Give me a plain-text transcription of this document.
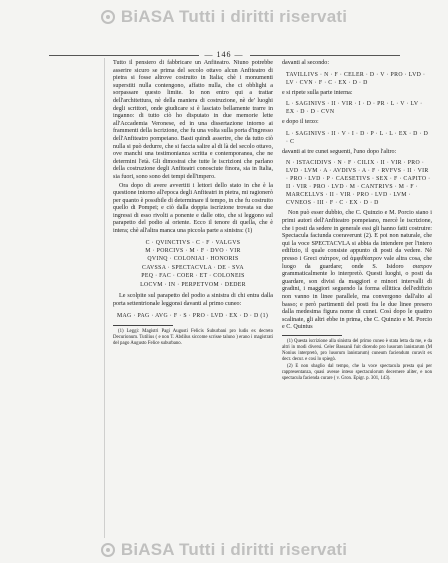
BiASA Tutti i diritti riservati
— 146 —

Tutto il pensiero di fabbricare un Anfiteatro. Niuno potrebbe asserire sicuro se prima del secolo ottavo alcun Anfiteatro di pietra si fosse altrove costruito in Italia; chè i monumenti superstiti nulla contengono, affatto nulla, che ci obblighi a sorpassare questo limite. Io non entro qui a trattar dell'architettura, nè della maniera di costruzione, nè de' luoghi degli scrittori, onde giudicare si è lasciato bellamente trarre in inganno: di tutto ciò ho disputato in due memorie lette all'Accademia Veronese, ed in una dissertazione intorno ai frammenti della iscrizione, che fu una volta sulla porta d'ingresso dell'Anfiteatro pompeiano. Basti quindi asserire, che da tutto ciò nulla si può dedurre, che si faccia salire al di là del secolo ottavo, ove manchi una testimonianza scritta e contemporanea, che ne determini l'età. Gli dimostrai che tutte le iscrizioni che parlano della costruzione degli Anfiteatri conosciute finora, sia in Italia, sia fuori, sono sono dei tempi dell'impero.

Ora dopo di avere avvertiti i lettori dello stato in che è la questione intorno all'epoca degli Anfiteatri in pietra, mi ragionerò per quanto è possibile di determinare il tempo, in che fu costruito quello di Pompei; e ciò dalla doppia iscrizione trovata su due ingressi di esso rivolti a ponente e dalle otto, che si leggono sul parapetto del podio al oriente. Ecco il tenore di quella, che è intera; chè all'altra manca una piccola parte a sinistra: (1)

C · QVINCTIVS · C · F · VALGVS
M · PORCIVS · M · F · DVO · VIR
QVINQ · COLONIAI · HONORIS
CAVSSA · SPECTACVLA · DE · SVA
PEQ · FAC · COER · ET · COLONEIS
LOCVM · IN · PERPETVOM · DEDER

Le scolpite sul parapetto del podio a sinistra di chi entra dalla porta settentrionale leggonsi davanti al primo cuneo:

MAG · PAG · AVG · F · S · PRO · LVD · EX · D · D (1)

(1) Leggi: Magistri Pagi Augusti Felicis Suburbani pro ludis ex decreto Decurionum. Tutilius ( e non T. Abdilus siccome scrisse taluno ) erano i magistrati del pago Augusto Felice suburbano.

davanti al secondo:

TAVILLIVS · N · F · CELER · D · V · PRO · LVD · LV · CVN · F · C · EX · D · D

e si ripete sulla parte interna:

L · SAGINIVS · II · VIR · I · D · PR · L · V · LV · EX · D · D · CVN

e dopo il terzo:

L · SAGINIVS · II · V · I · D · P · L · L · EX · D · D · C

davanti ai tre cunei seguenti, l'uno dopo l'altro:

N · ISTACIDIVS · N · F · CILIX · II · VIR · PRO · LVD · LVM · A · AVDIVS · A · F · RVFVS · II · VIR · PRO · LVD · P · CAESETIVS · SEX · F · CAPITO · II · VIR · PRO · LVD · M · CANTRIVS · M · F · MARCELLVS · II · VIR · PRO · LVD · LVM · CVNEOS · III · F · C · EX · D · D

Non può esser dubbio, che C. Quinzio e M. Porcio siano i primi autori dell'Anfiteatro pompeiano, mercè le iscrizione, che i posti da sedere in generale essi gli hanno fatti costruire: Spectacula faciunda coeraverunt (2). E poi non naturale, che qui la voce SPECTACVLA si abbia da intendere per l'intero edifizio, il quale consiste appunto di posti da vedere. Nè presso i Greci σιάτρον, od ἀμφιθέατρον vale altra cosa, che luogo da guardare; onde S. Isidoro σιατρον grammaticalmente lo interpretò. Questi luoghi, o posti da guardare, son divisi da maggiori e minori intervalli di gradini, i maggiori seguendo la forma ellittica dell'edifizio non vanno in linee parallele, ma convergono dall'alto al basso; e però partimenti del posti fra le due linee presero dalla medesima figura nome di cunei. Così dopo le quattro scalinate, gli altri ebbe in prima, che C. Quinzio e M. Porcio e C. Quintus

(1) Questa iscrizione alla sinistra del primo cuneo è stata letta da me, e da altri in modi diversi. Celer Bassanii fuit dicendo pro lusoram lanistarum (M Nonius interpretò, pro lusorum lanistarum) cuneum faciendum curavit ex decr. decur. e così lo spiegò.

(2) E non sbaglio dal tempo, che la voce spectacula presta qui per rappresentanza, quasi avesse inteso spectaculorum decernere aliter, e non spectacula facienda curare ( v. Gron. Epigr. p. 301, 143).

BiASA Tutti i diritti riservati
